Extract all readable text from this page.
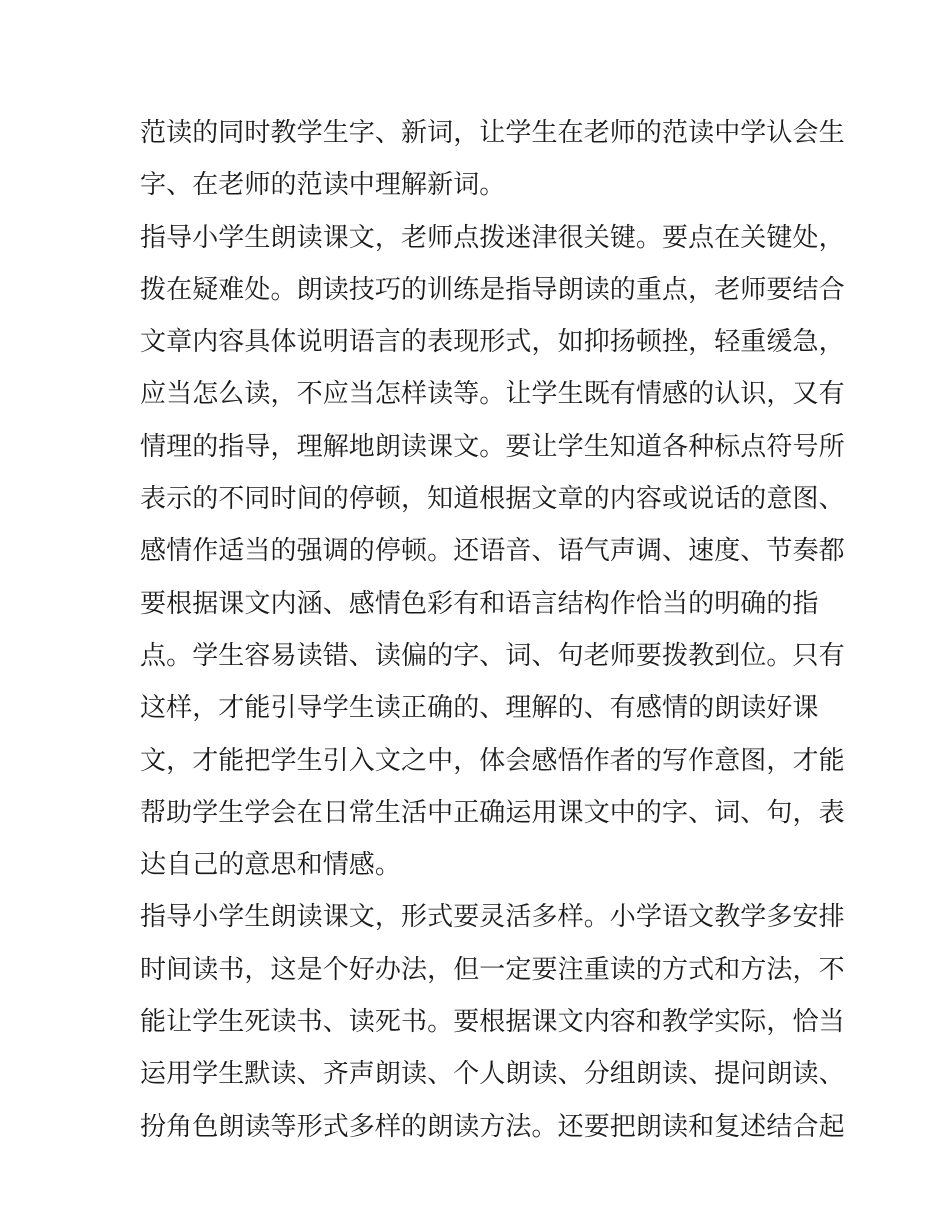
范读的同时教学生字、新词，让学生在老师的范读中学认会生
字、在老师的范读中理解新词。
指导小学生朗读课文，老师点拨迷津很关键。要点在关键处，
拨在疑难处。朗读技巧的训练是指导朗读的重点，老师要结合
文章内容具体说明语言的表现形式，如抑扬顿挫，轻重缓急，
应当怎么读，不应当怎样读等。让学生既有情感的认识，又有
情理的指导，理解地朗读课文。要让学生知道各种标点符号所
表示的不同时间的停顿，知道根据文章的内容或说话的意图、
感情作适当的强调的停顿。还语音、语气声调、速度、节奏都
要根据课文内涵、感情色彩有和语言结构作恰当的明确的指
点。学生容易读错、读偏的字、词、句老师要拨教到位。只有
这样，才能引导学生读正确的、理解的、有感情的朗读好课
文，才能把学生引入文之中，体会感悟作者的写作意图，才能
帮助学生学会在日常生活中正确运用课文中的字、词、句，表
达自己的意思和情感。
指导小学生朗读课文，形式要灵活多样。小学语文教学多安排
时间读书，这是个好办法，但一定要注重读的方式和方法，不
能让学生死读书、读死书。要根据课文内容和教学实际，恰当
运用学生默读、齐声朗读、个人朗读、分组朗读、提问朗读、
扮角色朗读等形式多样的朗读方法。还要把朗读和复述结合起
